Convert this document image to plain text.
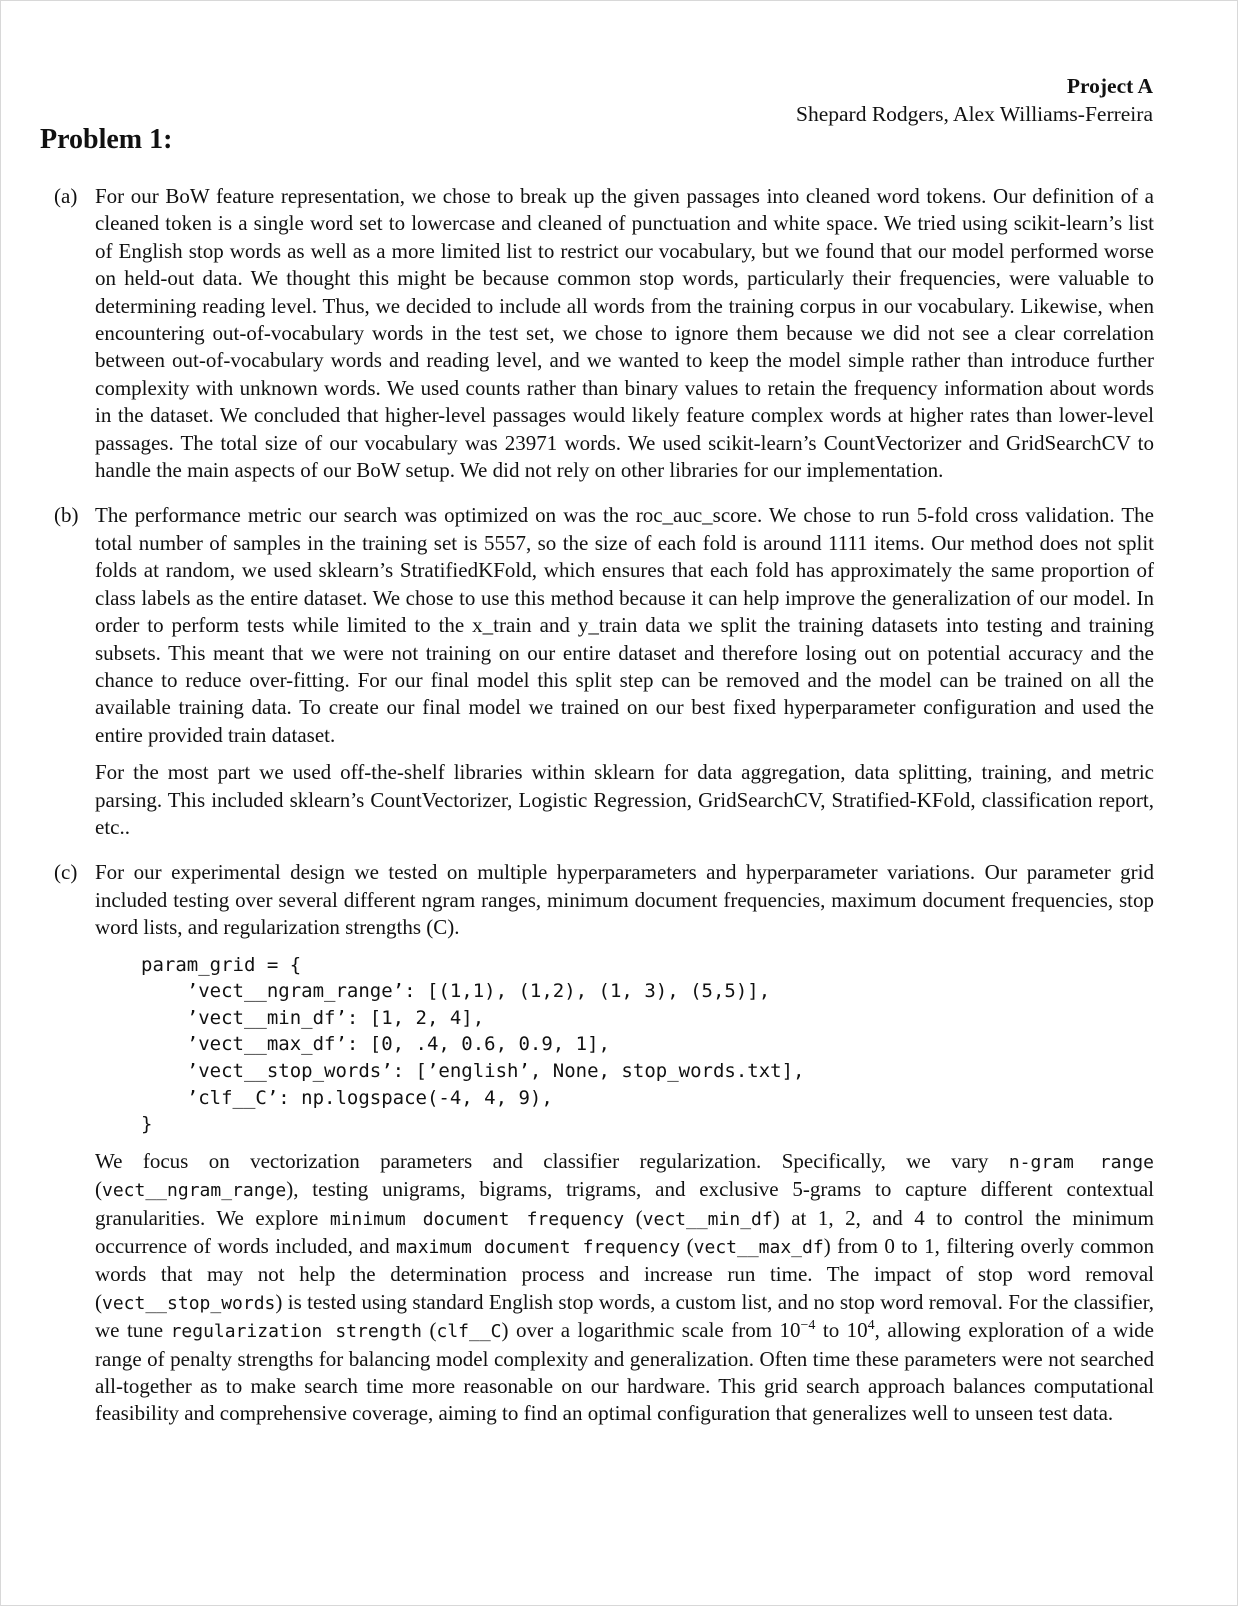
Project A
Shepard Rodgers, Alex Williams-Ferreira
Problem 1:
(a) For our BoW feature representation, we chose to break up the given passages into cleaned word tokens. Our definition of a cleaned token is a single word set to lowercase and cleaned of punctuation and white space. We tried using scikit-learn’s list of English stop words as well as a more limited list to restrict our vocabulary, but we found that our model performed worse on held-out data. We thought this might be because common stop words, particularly their frequencies, were valuable to determining reading level. Thus, we decided to include all words from the training corpus in our vocabulary. Likewise, when encountering out-of-vocabulary words in the test set, we chose to ignore them because we did not see a clear correlation between out-of-vocabulary words and reading level, and we wanted to keep the model simple rather than introduce further complexity with unknown words. We used counts rather than binary values to retain the frequency information about words in the dataset. We concluded that higher-level passages would likely feature complex words at higher rates than lower-level passages. The total size of our vocabulary was 23971 words. We used scikit-learn’s CountVectorizer and GridSearchCV to handle the main aspects of our BoW setup. We did not rely on other libraries for our implementation.

(b) The performance metric our search was optimized on was the roc_auc_score. We chose to run 5-fold cross validation. The total number of samples in the training set is 5557, so the size of each fold is around 1111 items. Our method does not split folds at random, we used sklearn’s StratifiedKFold, which ensures that each fold has approximately the same proportion of class labels as the entire dataset. We chose to use this method because it can help improve the generalization of our model. In order to perform tests while limited to the x_train and y_train data we split the training datasets into testing and training subsets. This meant that we were not training on our entire dataset and therefore losing out on potential accuracy and the chance to reduce over-fitting. For our final model this split step can be removed and the model can be trained on all the available training data. To create our final model we trained on our best fixed hyperparameter configuration and used the entire provided train dataset.

For the most part we used off-the-shelf libraries within sklearn for data aggregation, data splitting, training, and metric parsing. This included sklearn’s CountVectorizer, Logistic Regression, GridSearchCV, Stratified-KFold, classification report, etc..

(c) For our experimental design we tested on multiple hyperparameters and hyperparameter variations. Our parameter grid included testing over several different ngram ranges, minimum document frequencies, maximum document frequencies, stop word lists, and regularization strengths (C).

param_grid = {
’vect__ngram_range’: [(1,1), (1,2), (1, 3), (5,5)],
’vect__min_df’: [1, 2, 4],
’vect__max_df’: [0, .4, 0.6, 0.9, 1],
’vect__stop_words’: [’english’, None, stop_words.txt],
’clf__C’: np.logspace(-4, 4, 9),
}

We focus on vectorization parameters and classifier regularization. Specifically, we vary n-gram range (vect__ngram_range), testing unigrams, bigrams, trigrams, and exclusive 5-grams to capture different contextual granularities. We explore minimum document frequency (vect__min_df) at 1, 2, and 4 to control the minimum occurrence of words included, and maximum document frequency (vect__max_df) from 0 to 1, filtering overly common words that may not help the determination process and increase run time. The impact of stop word removal (vect__stop_words) is tested using standard English stop words, a custom list, and no stop word removal. For the classifier, we tune regularization strength (clf__C) over a logarithmic scale from $10^{-4}$ to $10^4$, allowing exploration of a wide range of penalty strengths for balancing model complexity and generalization. Often time these parameters were not searched all-together as to make search time more reasonable on our hardware. This grid search approach balances computational feasibility and comprehensive coverage, aiming to find an optimal configuration that generalizes well to unseen test data.
